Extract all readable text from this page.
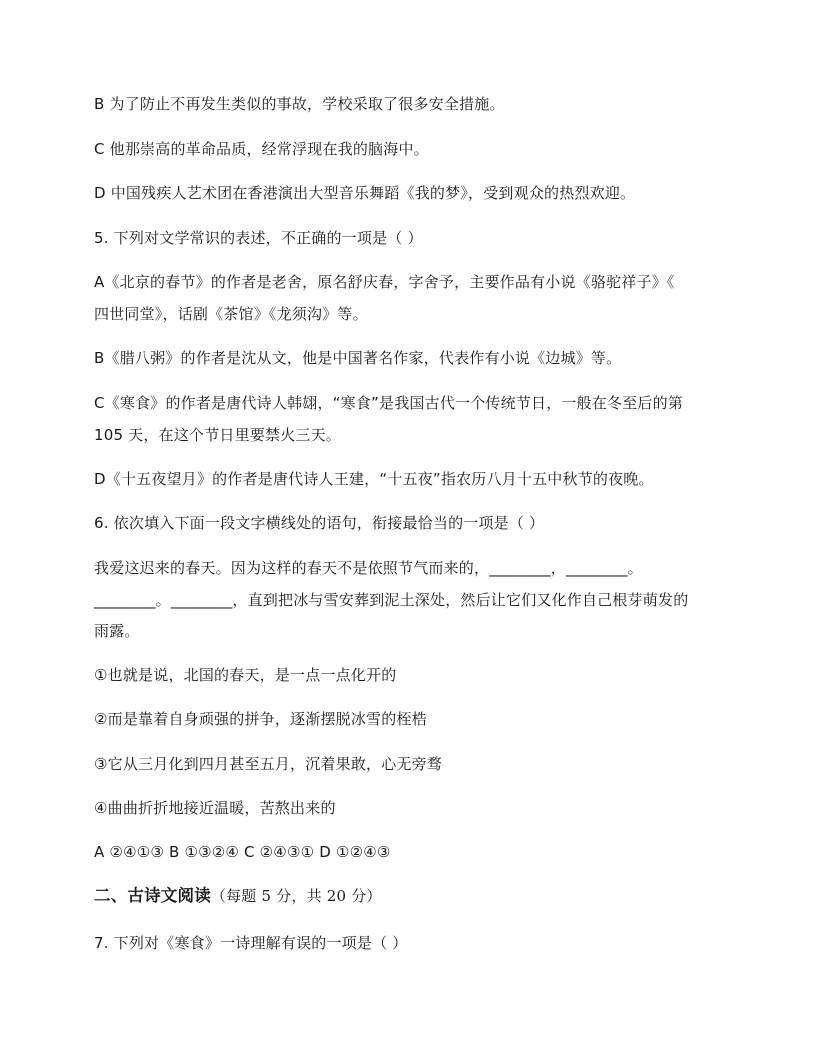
B 为了防止不再发生类似的事故，学校采取了很多安全措施。

C 他那崇高的革命品质，经常浮现在我的脑海中。

D 中国残疾人艺术团在香港演出大型音乐舞蹈《我的梦》，受到观众的热烈欢迎。

5. 下列对文学常识的表述，不正确的一项是（ ）

A《北京的春节》的作者是老舍，原名舒庆春，字舍予，主要作品有小说《骆驼祥子》《

四世同堂》，话剧《茶馆》《龙须沟》等。

B《腊八粥》的作者是沈从文，他是中国著名作家，代表作有小说《边城》等。

C《寒食》的作者是唐代诗人韩翃，“寒食”是我国古代一个传统节日，一般在冬至后的第

105 天，在这个节日里要禁火三天。

D《十五夜望月》的作者是唐代诗人王建，“十五夜”指农历八月十五中秋节的夜晚。

6. 依次填入下面一段文字横线处的语句，衔接最恰当的一项是（ ）

我爱这迟来的春天。因为这样的春天不是依照节气而来的，________，________。

________。________，直到把冰与雪安葬到泥土深处，然后让它们又化作自己根芽萌发的

雨露。

①也就是说，北国的春天，是一点一点化开的

②而是靠着自身顽强的拼争，逐渐摆脱冰雪的桎梏

③它从三月化到四月甚至五月，沉着果敢，心无旁骛

④曲曲折折地接近温暖，苦熬出来的

A ②④①③ B ①③②④ C ②④③① D ①②④③

二、古诗文阅读（每题 5 分，共 20 分）

7. 下列对《寒食》一诗理解有误的一项是（ ）
